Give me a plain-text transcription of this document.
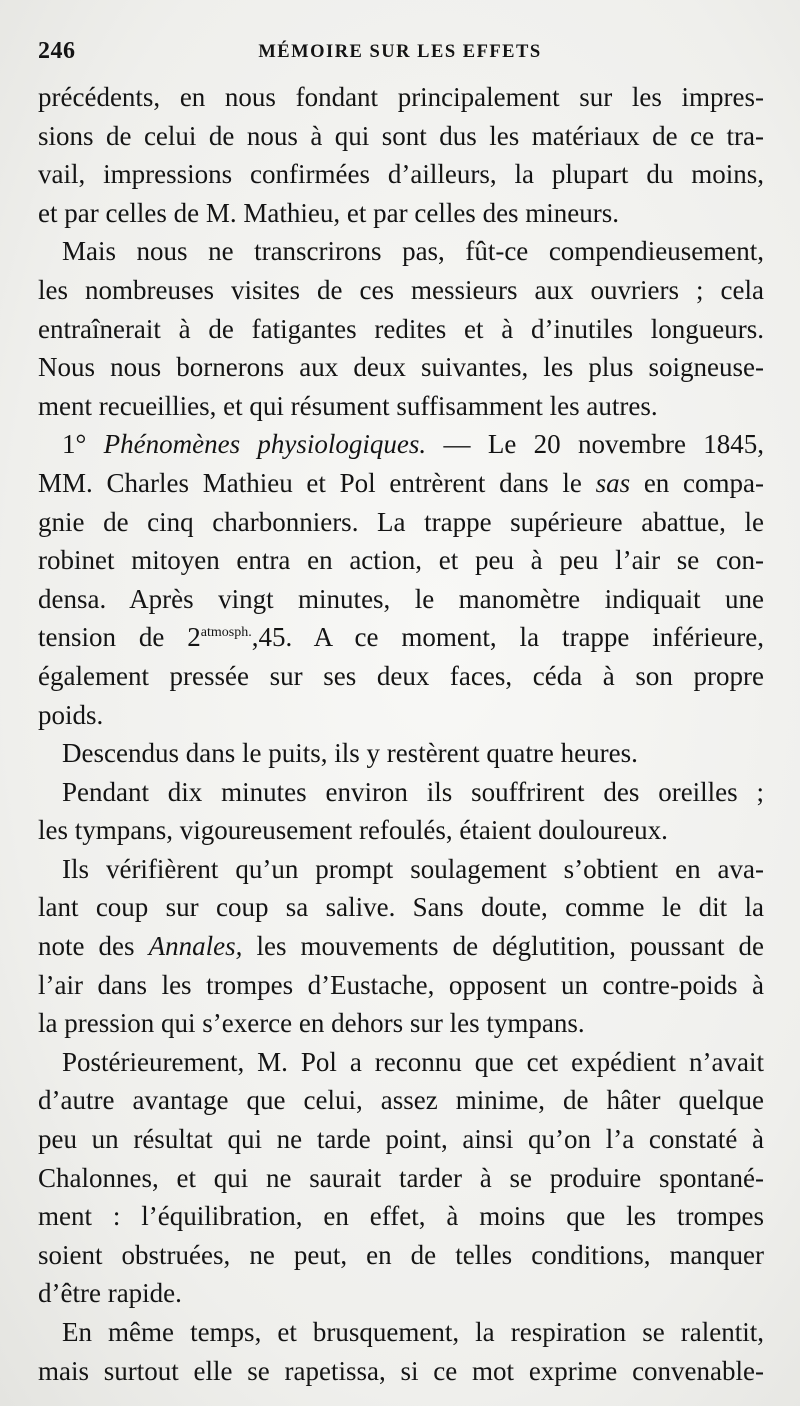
246	MÉMOIRE SUR LES EFFETS
précédents, en nous fondant principalement sur les impres-
sions de celui de nous à qui sont dus les matériaux de ce tra-
vail, impressions confirmées d’ailleurs, la plupart du moins,
et par celles de M. Mathieu, et par celles des mineurs.
Mais nous ne transcrirons pas, fût-ce compendieusement,
les nombreuses visites de ces messieurs aux ouvriers ; cela
entraînerait à de fatigantes redites et à d’inutiles longueurs.
Nous nous bornerons aux deux suivantes, les plus soigneuse-
ment recueillies, et qui résument suffisamment les autres.
1° Phénomènes physiologiques. — Le 20 novembre 1845,
MM. Charles Mathieu et Pol entrèrent dans le sas en compa-
gnie de cinq charbonniers. La trappe supérieure abattue, le
robinet mitoyen entra en action, et peu à peu l’air se con-
densa. Après vingt minutes, le manomètre indiquait une
tension de $2^{atmosph.},45$. A ce moment, la trappe inférieure,
également pressée sur ses deux faces, céda à son propre
poids.
Descendus dans le puits, ils y restèrent quatre heures.
Pendant dix minutes environ ils souffrirent des oreilles ;
les tympans, vigoureusement refoulés, étaient douloureux.
Ils vérifièrent qu’un prompt soulagement s’obtient en ava-
lant coup sur coup sa salive. Sans doute, comme le dit la
note des Annales, les mouvements de déglutition, poussant de
l’air dans les trompes d’Eustache, opposent un contre-poids à
la pression qui s’exerce en dehors sur les tympans.
Postérieurement, M. Pol a reconnu que cet expédient n’avait
d’autre avantage que celui, assez minime, de hâter quelque
peu un résultat qui ne tarde point, ainsi qu’on l’a constaté à
Chalonnes, et qui ne saurait tarder à se produire spontané-
ment : l’équilibration, en effet, à moins que les trompes
soient obstruées, ne peut, en de telles conditions, manquer
d’être rapide.
En même temps, et brusquement, la respiration se ralentit,
mais surtout elle se rapetissa, si ce mot exprime convenable-
